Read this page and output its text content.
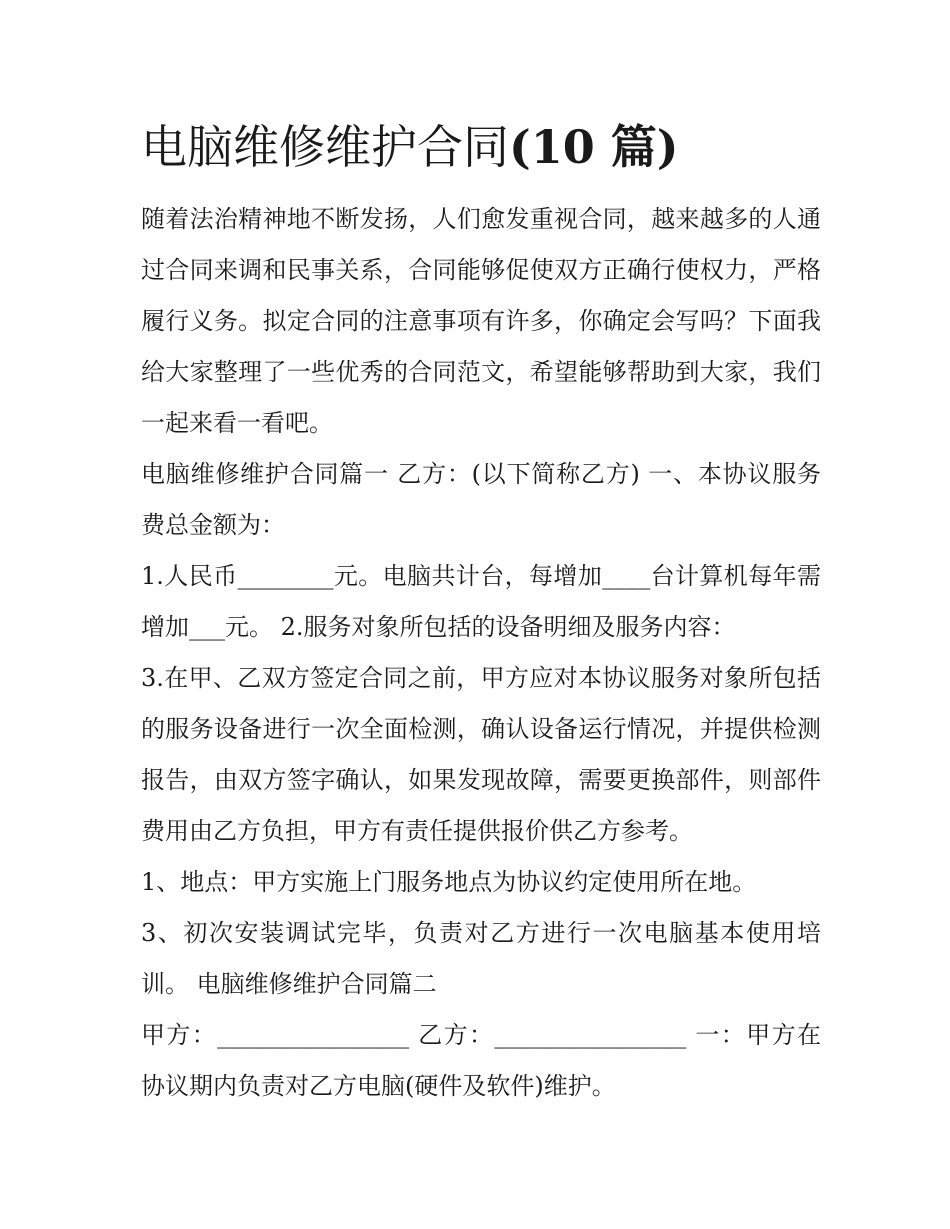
电脑维修维护合同(10 篇)

随着法治精神地不断发扬，人们愈发重视合同，越来越多的人通过合同来调和民事关系，合同能够促使双方正确行使权力，严格履行义务。拟定合同的注意事项有许多，你确定会写吗？下面我给大家整理了一些优秀的合同范文，希望能够帮助到大家，我们一起来看一看吧。

电脑维修维护合同篇一 乙方：(以下简称乙方) 一、本协议服务费总金额为：

1.人民币________元。电脑共计台，每增加____台计算机每年需增加___元。 2.服务对象所包括的设备明细及服务内容：

3.在甲、乙双方签定合同之前，甲方应对本协议服务对象所包括的服务设备进行一次全面检测，确认设备运行情况，并提供检测报告，由双方签字确认，如果发现故障，需要更换部件，则部件费用由乙方负担，甲方有责任提供报价供乙方参考。

1、地点：甲方实施上门服务地点为协议约定使用所在地。

3、初次安装调试完毕，负责对乙方进行一次电脑基本使用培训。 电脑维修维护合同篇二

甲方：________________ 乙方：________________ 一：甲方在协议期内负责对乙方电脑(硬件及软件)维护。
